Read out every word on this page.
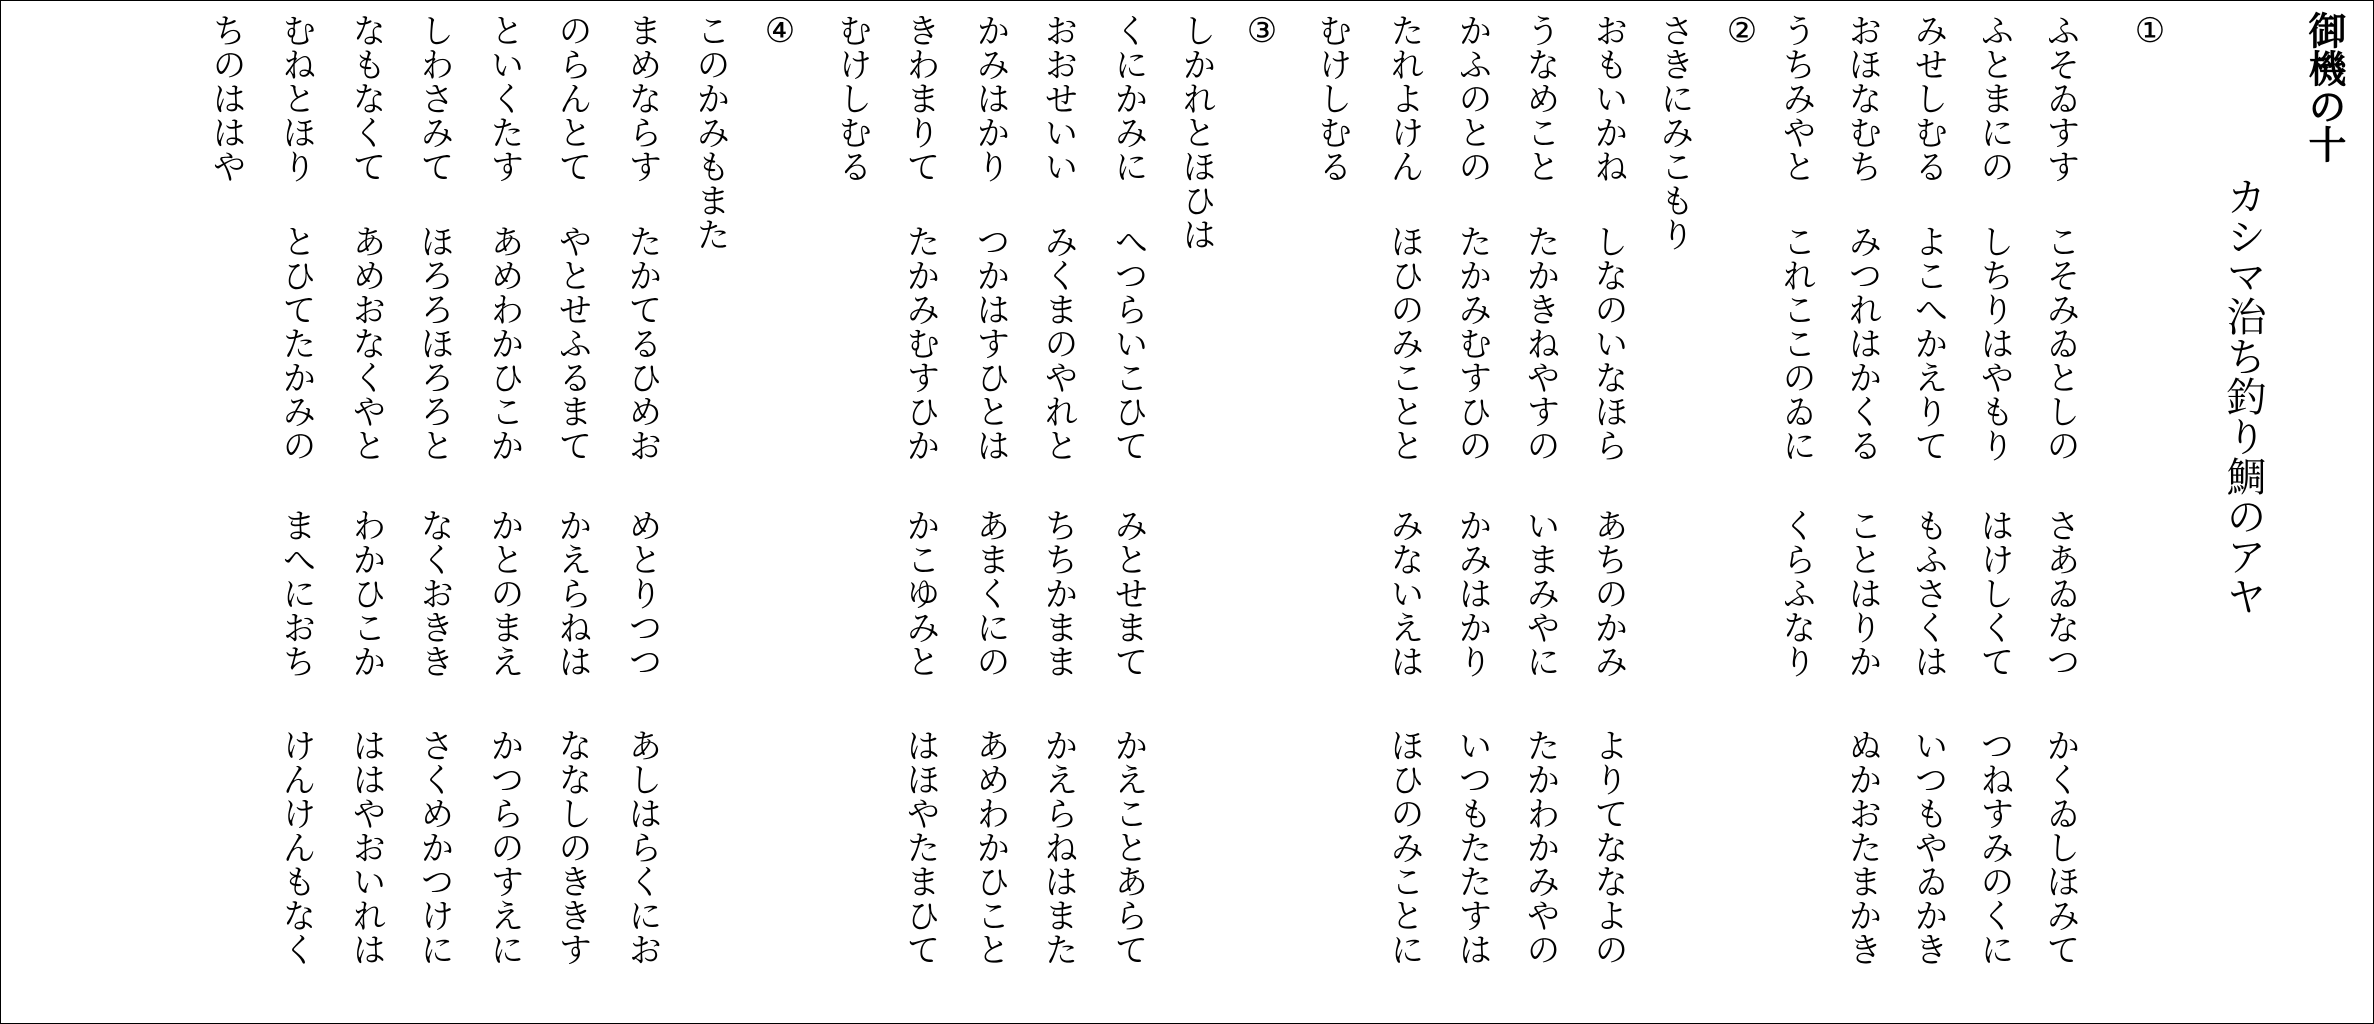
御機の十
カシマ治ち釣り鯛のアヤ
①
②
③
④	ふそゐすす
こそみゐとしの
さあゐなつ
かくゐしほみて
ふとまにの
しちりはやもり
はけしくて
つねすみのくに
みせしむる
よこへかえりて
もふさくは
いつもやゐかき
おほなむち
みつれはかくる
ことはりか
ぬかおたまかき
うちみやと
これここのゐに
くらふなり
さきにみこもり
おもいかね
しなのいなほら
あちのかみ
よりてななよの
うなめこと
たかきねやすの
いまみやに
たかわかみやの
かふのとの
たかみむすひの
かみはかり
いつもたたすは
たれよけん
ほひのみことと
みないえは
ほひのみことに
むけしむる
しかれとほひは
くにかみに
へつらいこひて
みとせまて
かえことあらて
おおせいい
みくまのやれと
ちちかまま
かえらねはまた
かみはかり
つかはすひとは
あまくにの
あめわかひこと
きわまりて
たかみむすひか
かこゆみと
はほやたまひて
むけしむる
このかみもまた
まめならす
たかてるひめお
めとりつつ
あしはらくにお
のらんとて
やとせふるまて
かえらねは
ななしのききす
といくたす
あめわかひこか
かとのまえ
かつらのすえに
しわさみて
ほろろほろろと
なくおきき
さくめかつけに
なもなくて
あめおなくやと
わかひこか
ははやおいれは
むねとほり
とひてたかみの
まへにおち
けんけんもなく
ちのははや
